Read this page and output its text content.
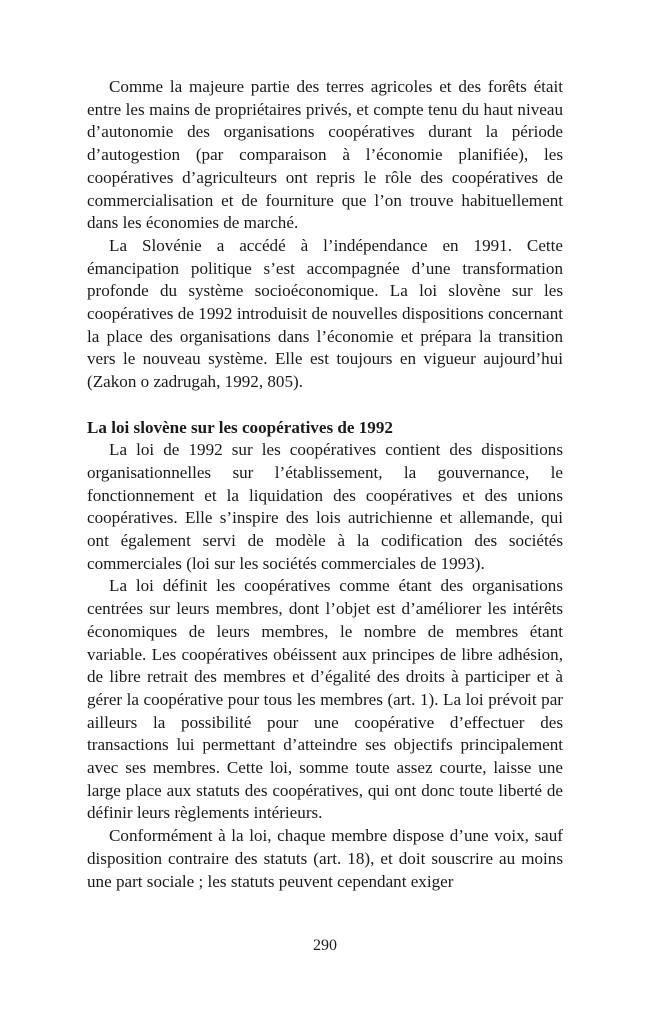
Comme la majeure partie des terres agricoles et des forêts était entre les mains de propriétaires privés, et compte tenu du haut niveau d’autonomie des organisations coopératives durant la période d’autogestion (par comparaison à l’économie planifiée), les coopératives d’agriculteurs ont repris le rôle des coopératives de commercialisation et de fourniture que l’on trouve habituellement dans les économies de marché.

La Slovénie a accédé à l’indépendance en 1991. Cette émancipation politique s’est accompagnée d’une transformation profonde du système socioéconomique. La loi slovène sur les coopératives de 1992 introduisit de nouvelles dispositions concernant la place des organisations dans l’économie et prépara la transition vers le nouveau système. Elle est toujours en vigueur aujourd’hui (Zakon o zadrugah, 1992, 805).

La loi slovène sur les coopératives de 1992

La loi de 1992 sur les coopératives contient des dispositions organisationnelles sur l’établissement, la gouvernance, le fonctionnement et la liquidation des coopératives et des unions coopératives. Elle s’inspire des lois autrichienne et allemande, qui ont également servi de modèle à la codification des sociétés commerciales (loi sur les sociétés commerciales de 1993).

La loi définit les coopératives comme étant des organisations centrées sur leurs membres, dont l’objet est d’améliorer les intérêts économiques de leurs membres, le nombre de membres étant variable. Les coopératives obéissent aux principes de libre adhésion, de libre retrait des membres et d’égalité des droits à participer et à gérer la coopérative pour tous les membres (art. 1). La loi prévoit par ailleurs la possibilité pour une coopérative d’effectuer des transactions lui permettant d’atteindre ses objectifs principalement avec ses membres. Cette loi, somme toute assez courte, laisse une large place aux statuts des coopératives, qui ont donc toute liberté de définir leurs règlements intérieurs.

Conformément à la loi, chaque membre dispose d’une voix, sauf disposition contraire des statuts (art. 18), et doit souscrire au moins une part sociale ; les statuts peuvent cependant exiger

290
